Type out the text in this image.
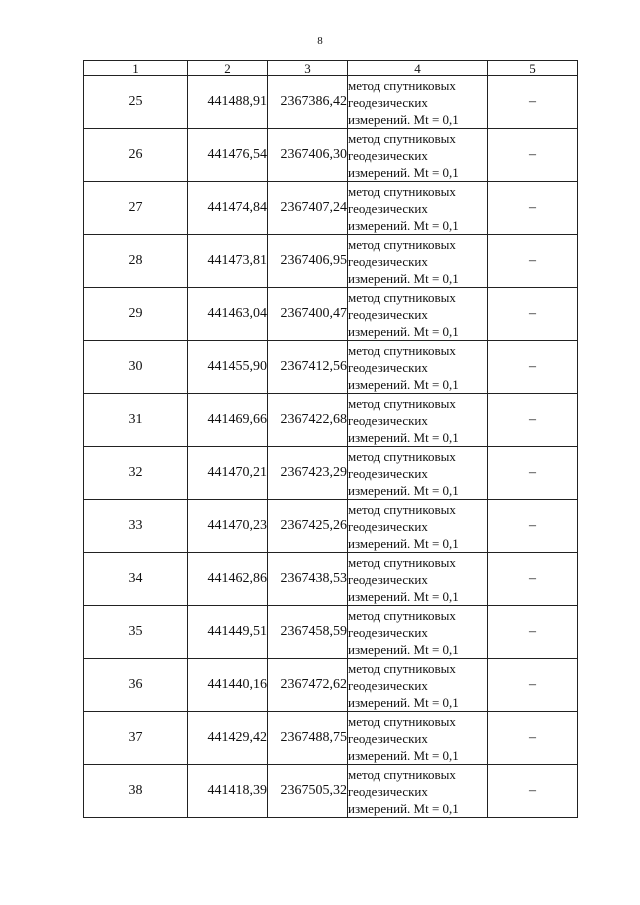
8
1	2	3	4	5
25	441488,91	2367386,42	метод спутниковых
геодезических
измерений. Mt = 0,1	–
26	441476,54	2367406,30	метод спутниковых
геодезических
измерений. Mt = 0,1	–
27	441474,84	2367407,24	метод спутниковых
геодезических
измерений. Mt = 0,1	–
28	441473,81	2367406,95	метод спутниковых
геодезических
измерений. Mt = 0,1	–
29	441463,04	2367400,47	метод спутниковых
геодезических
измерений. Mt = 0,1	–
30	441455,90	2367412,56	метод спутниковых
геодезических
измерений. Mt = 0,1	–
31	441469,66	2367422,68	метод спутниковых
геодезических
измерений. Mt = 0,1	–
32	441470,21	2367423,29	метод спутниковых
геодезических
измерений. Mt = 0,1	–
33	441470,23	2367425,26	метод спутниковых
геодезических
измерений. Mt = 0,1	–
34	441462,86	2367438,53	метод спутниковых
геодезических
измерений. Mt = 0,1	–
35	441449,51	2367458,59	метод спутниковых
геодезических
измерений. Mt = 0,1	–
36	441440,16	2367472,62	метод спутниковых
геодезических
измерений. Mt = 0,1	–
37	441429,42	2367488,75	метод спутниковых
геодезических
измерений. Mt = 0,1	–
38	441418,39	2367505,32	метод спутниковых
геодезических
измерений. Mt = 0,1	–
